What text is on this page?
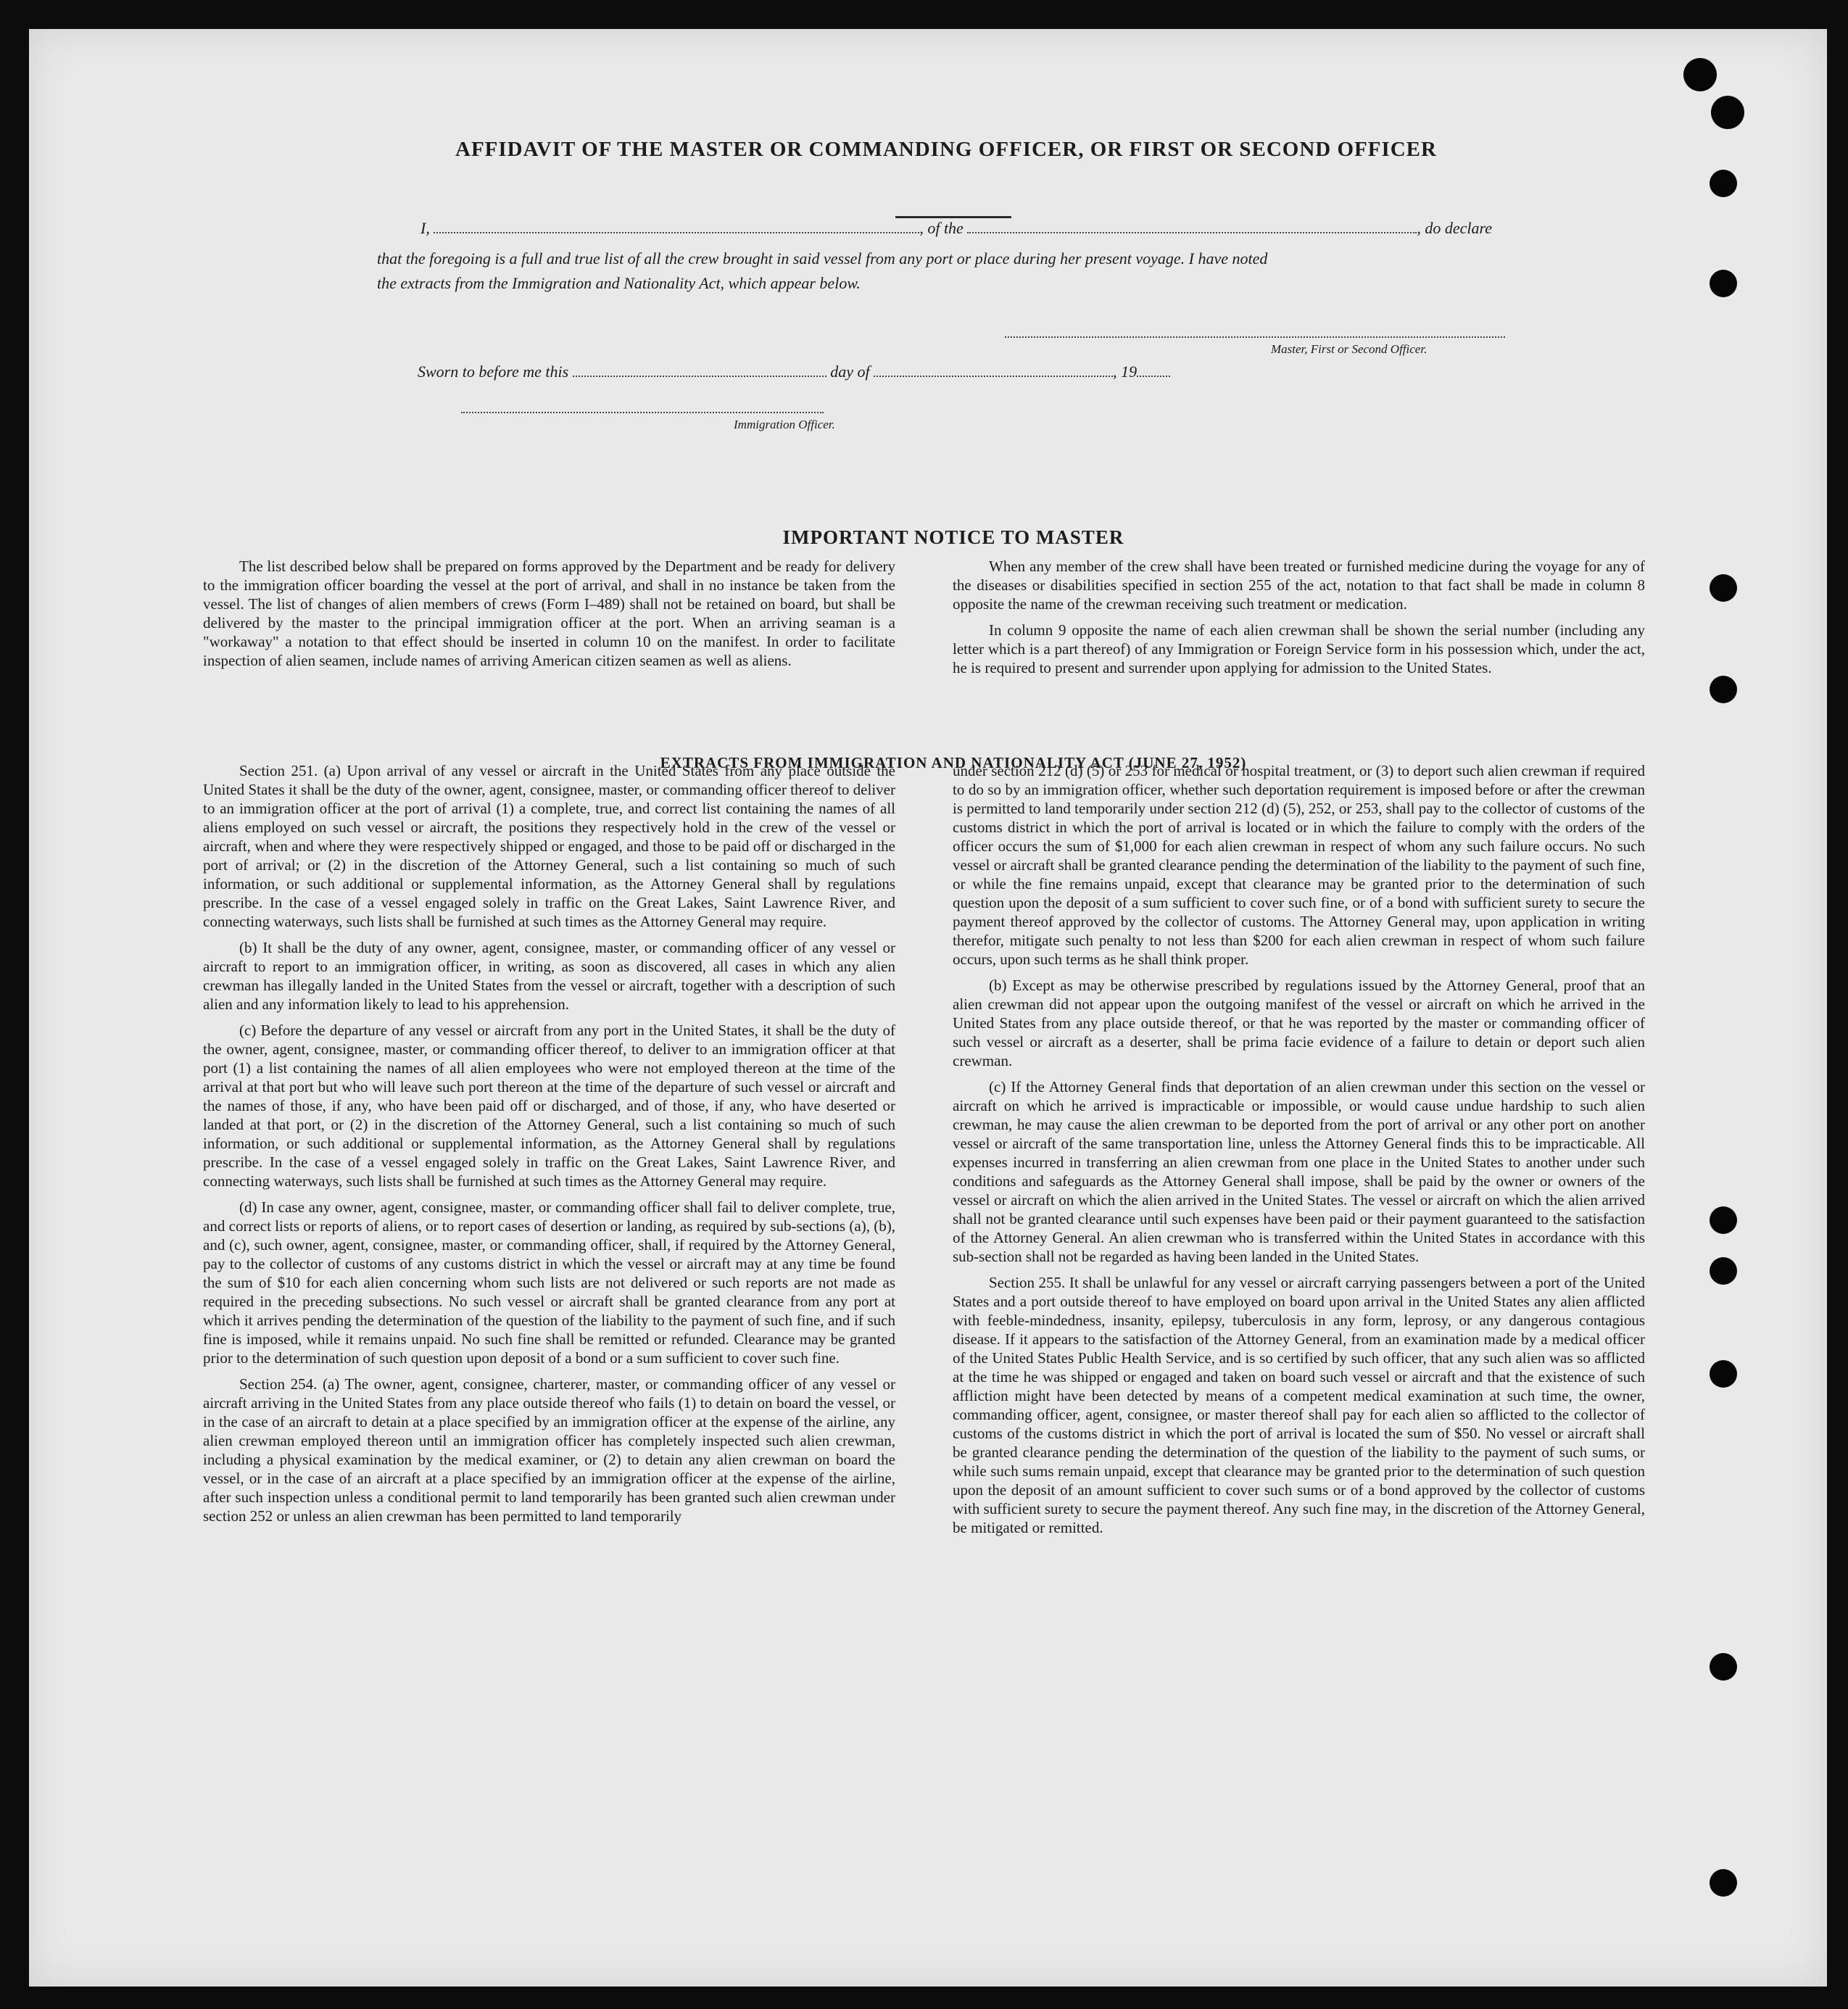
AFFIDAVIT OF THE MASTER OR COMMANDING OFFICER, OR FIRST OR SECOND OFFICER
I,	, of the	, do declare
that the foregoing is a full and true list of all the crew brought in said vessel from any port or place during her present voyage. I have noted
the extracts from the Immigration and Nationality Act, which appear below.
Master, First or Second Officer.
Sworn to before me this	day of	, 19
Immigration Officer.
IMPORTANT NOTICE TO MASTER

The list described below shall be prepared on forms approved by the Department and be ready for delivery to the immigration officer boarding the vessel at the port of arrival, and shall in no instance be taken from the vessel. The list of changes of alien members of crews (Form I–489) shall not be retained on board, but shall be delivered by the master to the principal immigration officer at the port. When an arriving seaman is a "workaway" a notation to that effect should be inserted in column 10 on the manifest. In order to facilitate inspection of alien seamen, include names of arriving American citizen seamen as well as aliens.

When any member of the crew shall have been treated or furnished medicine during the voyage for any of the diseases or disabilities specified in section 255 of the act, notation to that fact shall be made in column 8 opposite the name of the crewman receiving such treatment or medication.

In column 9 opposite the name of each alien crewman shall be shown the serial number (including any letter which is a part thereof) of any Immigration or Foreign Service form in his possession which, under the act, he is required to present and surrender upon applying for admission to the United States.

EXTRACTS FROM IMMIGRATION AND NATIONALITY ACT (JUNE 27, 1952)

Section 251. (a) Upon arrival of any vessel or aircraft in the United States from any place outside the United States it shall be the duty of the owner, agent, consignee, master, or commanding officer thereof to deliver to an immigration officer at the port of arrival (1) a complete, true, and correct list containing the names of all aliens employed on such vessel or aircraft, the positions they respectively hold in the crew of the vessel or aircraft, when and where they were respectively shipped or engaged, and those to be paid off or discharged in the port of arrival; or (2) in the discretion of the Attorney General, such a list containing so much of such information, or such additional or supplemental information, as the Attorney General shall by regulations prescribe. In the case of a vessel engaged solely in traffic on the Great Lakes, Saint Lawrence River, and connecting waterways, such lists shall be furnished at such times as the Attorney General may require.

(b) It shall be the duty of any owner, agent, consignee, master, or commanding officer of any vessel or aircraft to report to an immigration officer, in writing, as soon as discovered, all cases in which any alien crewman has illegally landed in the United States from the vessel or aircraft, together with a description of such alien and any information likely to lead to his apprehension.

(c) Before the departure of any vessel or aircraft from any port in the United States, it shall be the duty of the owner, agent, consignee, master, or commanding officer thereof, to deliver to an immigration officer at that port (1) a list containing the names of all alien employees who were not employed thereon at the time of the arrival at that port but who will leave such port thereon at the time of the departure of such vessel or aircraft and the names of those, if any, who have been paid off or discharged, and of those, if any, who have deserted or landed at that port, or (2) in the discretion of the Attorney General, such a list containing so much of such information, or such additional or supplemental information, as the Attorney General shall by regulations prescribe. In the case of a vessel engaged solely in traffic on the Great Lakes, Saint Lawrence River, and connecting waterways, such lists shall be furnished at such times as the Attorney General may require.

(d) In case any owner, agent, consignee, master, or commanding officer shall fail to deliver complete, true, and correct lists or reports of aliens, or to report cases of desertion or landing, as required by sub-sections (a), (b), and (c), such owner, agent, consignee, master, or commanding officer, shall, if required by the Attorney General, pay to the collector of customs of any customs district in which the vessel or aircraft may at any time be found the sum of $10 for each alien concerning whom such lists are not delivered or such reports are not made as required in the preceding subsections. No such vessel or aircraft shall be granted clearance from any port at which it arrives pending the determination of the question of the liability to the payment of such fine, and if such fine is imposed, while it remains unpaid. No such fine shall be remitted or refunded. Clearance may be granted prior to the determination of such question upon deposit of a bond or a sum sufficient to cover such fine.

Section 254. (a) The owner, agent, consignee, charterer, master, or commanding officer of any vessel or aircraft arriving in the United States from any place outside thereof who fails (1) to detain on board the vessel, or in the case of an aircraft to detain at a place specified by an immigration officer at the expense of the airline, any alien crewman employed thereon until an immigration officer has completely inspected such alien crewman, including a physical examination by the medical examiner, or (2) to detain any alien crewman on board the vessel, or in the case of an aircraft at a place specified by an immigration officer at the expense of the airline, after such inspection unless a conditional permit to land temporarily has been granted such alien crewman under section 252 or unless an alien crewman has been permitted to land temporarily

under section 212 (d) (5) or 253 for medical or hospital treatment, or (3) to deport such alien crewman if required to do so by an immigration officer, whether such deportation requirement is imposed before or after the crewman is permitted to land temporarily under section 212 (d) (5), 252, or 253, shall pay to the collector of customs of the customs district in which the port of arrival is located or in which the failure to comply with the orders of the officer occurs the sum of $1,000 for each alien crewman in respect of whom any such failure occurs. No such vessel or aircraft shall be granted clearance pending the determination of the liability to the payment of such fine, or while the fine remains unpaid, except that clearance may be granted prior to the determination of such question upon the deposit of a sum sufficient to cover such fine, or of a bond with sufficient surety to secure the payment thereof approved by the collector of customs. The Attorney General may, upon application in writing therefor, mitigate such penalty to not less than $200 for each alien crewman in respect of whom such failure occurs, upon such terms as he shall think proper.

(b) Except as may be otherwise prescribed by regulations issued by the Attorney General, proof that an alien crewman did not appear upon the outgoing manifest of the vessel or aircraft on which he arrived in the United States from any place outside thereof, or that he was reported by the master or commanding officer of such vessel or aircraft as a deserter, shall be prima facie evidence of a failure to detain or deport such alien crewman.

(c) If the Attorney General finds that deportation of an alien crewman under this section on the vessel or aircraft on which he arrived is impracticable or impossible, or would cause undue hardship to such alien crewman, he may cause the alien crewman to be deported from the port of arrival or any other port on another vessel or aircraft of the same transportation line, unless the Attorney General finds this to be impracticable. All expenses incurred in transferring an alien crewman from one place in the United States to another under such conditions and safeguards as the Attorney General shall impose, shall be paid by the owner or owners of the vessel or aircraft on which the alien arrived in the United States. The vessel or aircraft on which the alien arrived shall not be granted clearance until such expenses have been paid or their payment guaranteed to the satisfaction of the Attorney General. An alien crewman who is transferred within the United States in accordance with this sub-section shall not be regarded as having been landed in the United States.

Section 255. It shall be unlawful for any vessel or aircraft carrying passengers between a port of the United States and a port outside thereof to have employed on board upon arrival in the United States any alien afflicted with feeble-mindedness, insanity, epilepsy, tuberculosis in any form, leprosy, or any dangerous contagious disease. If it appears to the satisfaction of the Attorney General, from an examination made by a medical officer of the United States Public Health Service, and is so certified by such officer, that any such alien was so afflicted at the time he was shipped or engaged and taken on board such vessel or aircraft and that the existence of such affliction might have been detected by means of a competent medical examination at such time, the owner, commanding officer, agent, consignee, or master thereof shall pay for each alien so afflicted to the collector of customs of the customs district in which the port of arrival is located the sum of $50. No vessel or aircraft shall be granted clearance pending the determination of the question of the liability to the payment of such sums, or while such sums remain unpaid, except that clearance may be granted prior to the determination of such question upon the deposit of an amount sufficient to cover such sums or of a bond approved by the collector of customs with sufficient surety to secure the payment thereof. Any such fine may, in the discretion of the Attorney General, be mitigated or remitted.
